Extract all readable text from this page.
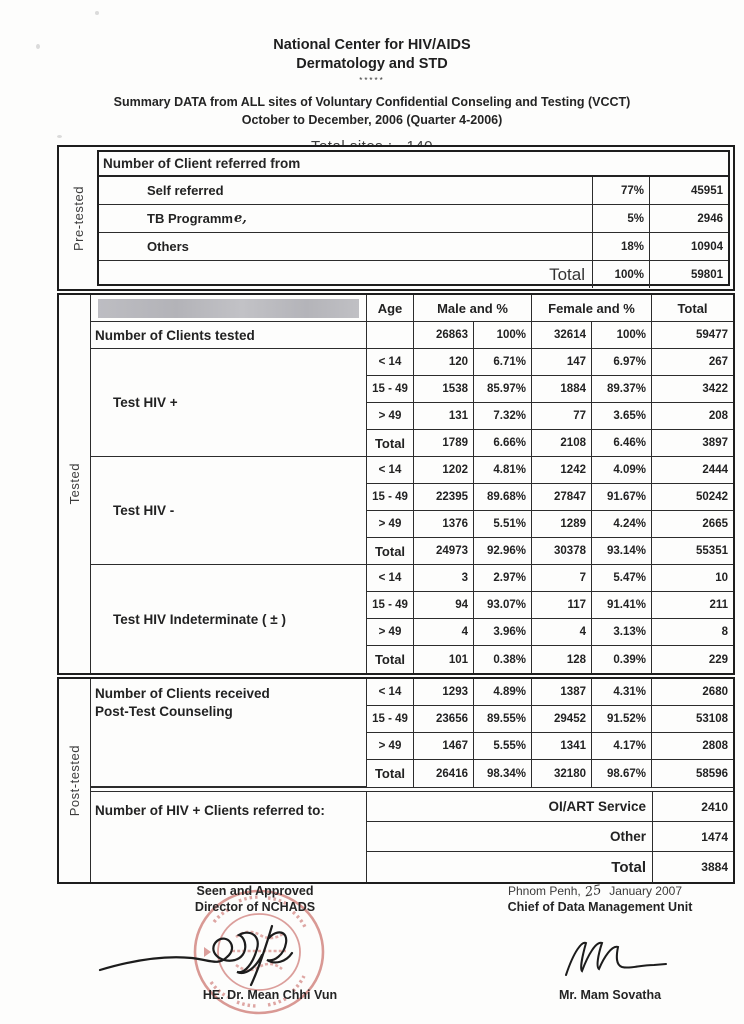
National Center for HIV/AIDS
Dermatology and STD
*****
Summary DATA from ALL sites of Voluntary Confidential Conseling and Testing (VCCT)
October to December, 2006 (Quarter 4-2006)
Pre-tested
Number of Client referred from
Self referred	77%	45951
TB Programm e,	5%	2946
Others	18%	10904
Total	100%	59801
Tested
Age	Male and %	Female and %	Total
Number of Clients tested	26863	100%	32614	100%	59477
Test HIV +
< 14	120	6.71%	147	6.97%	267
15 - 49	1538	85.97%	1884	89.37%	3422
> 49	131	7.32%	77	3.65%	208
Total	1789	6.66%	2108	6.46%	3897
Test HIV -
< 14	1202	4.81%	1242	4.09%	2444
15 - 49	22395	89.68%	27847	91.67%	50242
> 49	1376	5.51%	1289	4.24%	2665
Total	24973	92.96%	30378	93.14%	55351
Test HIV Indeterminate ( ± )
< 14	3	2.97%	7	5.47%	10
15 - 49	94	93.07%	117	91.41%	211
> 49	4	3.96%	4	3.13%	8
Total	101	0.38%	128	0.39%	229
Post-tested
Number of Clients received
Post-Test Counseling
< 14	1293	4.89%	1387	4.31%	2680
15 - 49	23656	89.55%	29452	91.52%	53108
> 49	1467	5.55%	1341	4.17%	2808
Total	26416	98.34%	32180	98.67%	58596
Number of HIV + Clients referred to:	OI/ART Service	2410
Other	1474
Total	3884
Seen and Approved
Director of NCHADS
HE. Dr. Mean Chhi Vun
Phnom Penh, 25 January 2007
Chief of Data Management Unit
Mr. Mam Sovatha
